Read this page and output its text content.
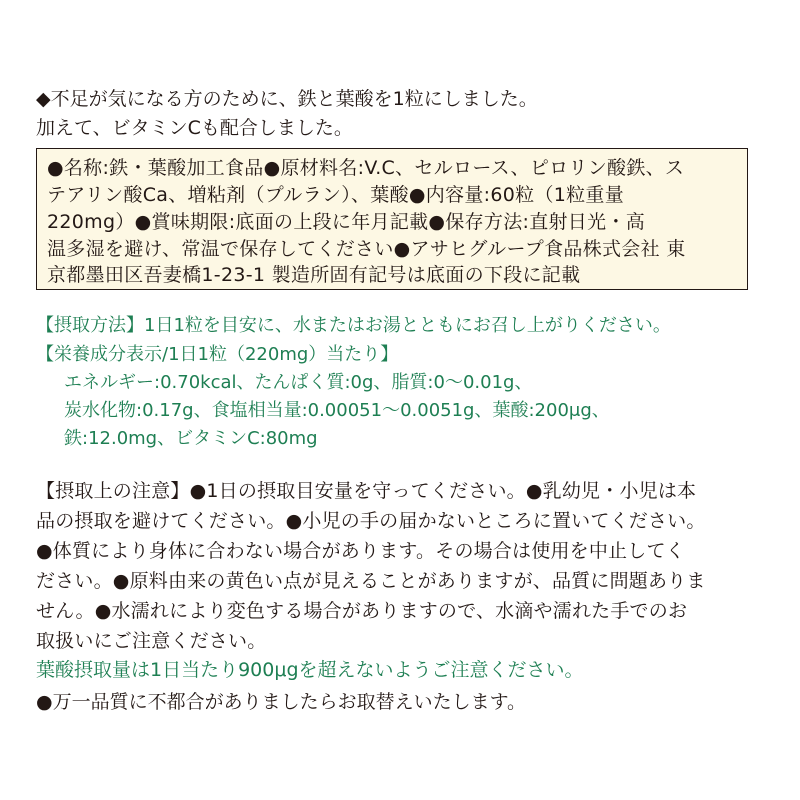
◆不足が気になる方のために、鉄と葉酸を1粒にしました。
加えて、ビタミンCも配合しました。
●名称:鉄・葉酸加工食品●原材料名:V.C、セルロース、ピロリン酸鉄、ス
テアリン酸Ca、増粘剤（プルラン）、葉酸●内容量:60粒（1粒重量
220mg）●賞味期限:底面の上段に年月記載●保存方法:直射日光・高
温多湿を避け、常温で保存してください●アサヒグループ食品株式会社 東
京都墨田区吾妻橋1-23-1 製造所固有記号は底面の下段に記載
【摂取方法】1日1粒を目安に、水またはお湯とともにお召し上がりください。
【栄養成分表示/1日1粒（220mg）当たり】
エネルギー:0.70kcal、たんぱく質:0g、脂質:0～0.01g、
炭水化物:0.17g、食塩相当量:0.00051～0.0051g、葉酸:200μg、
鉄:12.0mg、ビタミンC:80mg
【摂取上の注意】●1日の摂取目安量を守ってください。●乳幼児・小児は本
品の摂取を避けてください。●小児の手の届かないところに置いてください。
●体質により身体に合わない場合があります。その場合は使用を中止してく
ださい。●原料由来の黄色い点が見えることがありますが、品質に問題ありま
せん。●水濡れにより変色する場合がありますので、水滴や濡れた手でのお
取扱いにご注意ください。
葉酸摂取量は1日当たり900μgを超えないようご注意ください。
●万一品質に不都合がありましたらお取替えいたします。
